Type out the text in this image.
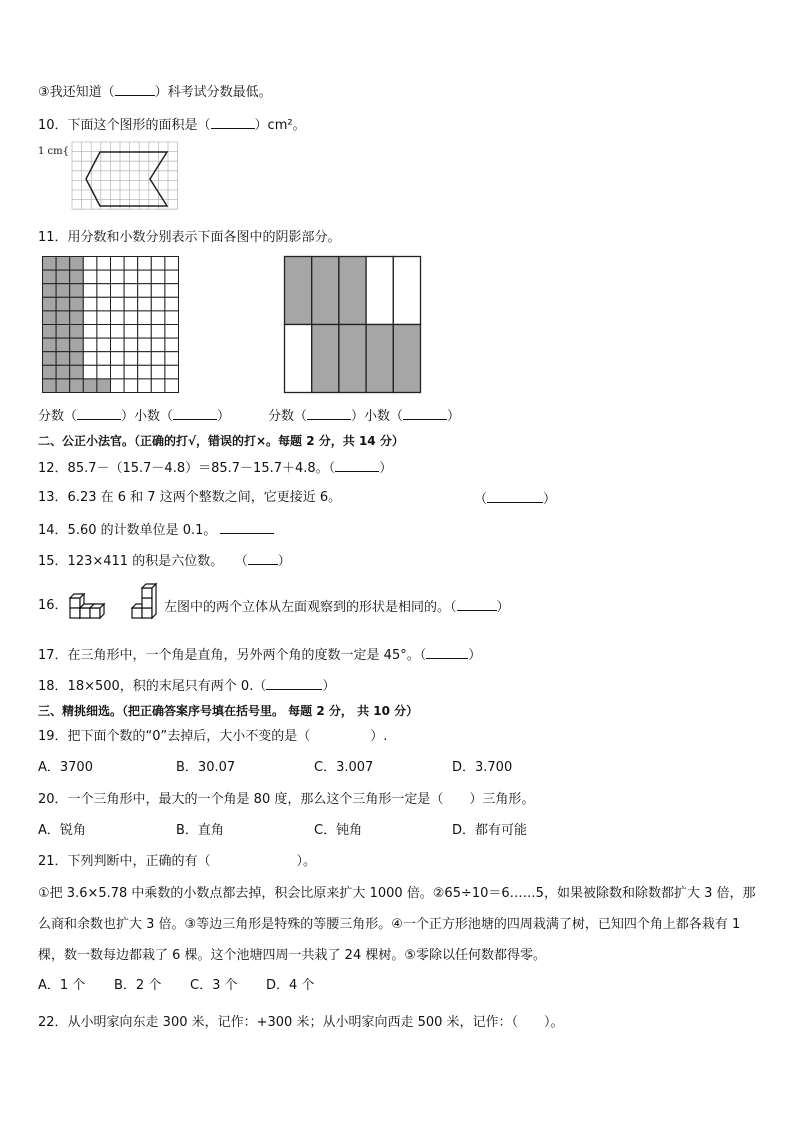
③我还知道（	）科考试分数最低。
10．下面这个图形的面积是（	）cm²。
1 cm{
11．用分数和小数分别表示下面各图中的阴影部分。
分数（	）小数（	）	分数（	）小数（	）
二、公正小法官。（正确的打√，错误的打×。每题 2 分，共 14 分）
12．85.7－（15.7－4.8）＝85.7－15.7＋4.8。（	）
13．6.23 在 6 和 7 这两个整数之间，它更接近 6。	（	）
14．5.60 的计数单位是 0.1。
15．123×411 的积是六位数。 （ ）
16．	左图中的两个立体从左面观察到的形状是相同的。（	）
17．在三角形中，一个角是直角，另外两个角的度数一定是 45°。（	）
18．18×500，积的末尾只有两个 0.（	）
三、精挑细选。（把正确答案序号填在括号里。 每题 2 分， 共 10 分）
19．把下面个数的“0”去掉后，大小不变的是（	）.
A．3700	B．30.07	C．3.007	D．3.700
20．一个三角形中，最大的一个角是 80 度，那么这个三角形一定是（　　）三角形。
A．锐角	B．直角	C．钝角	D．都有可能
21．下列判断中，正确的有（	）。
①把 3.6×5.78 中乘数的小数点都去掉，积会比原来扩大 1000 倍。②65÷10＝6……5，如果被除数和除数都扩大 3 倍，那么商和余数也扩大 3 倍。③等边三角形是特殊的等腰三角形。④一个正方形池塘的四周栽满了树，已知四个角上都各栽有 1 棵，数一数每边都栽了 6 棵。这个池塘四周一共栽了 24 棵树。⑤零除以任何数都得零。
A．1 个 B．2 个 C．3 个 D．4 个
22．从小明家向东走 300 米，记作：+300 米；从小明家向西走 500 米，记作：（　　）。
